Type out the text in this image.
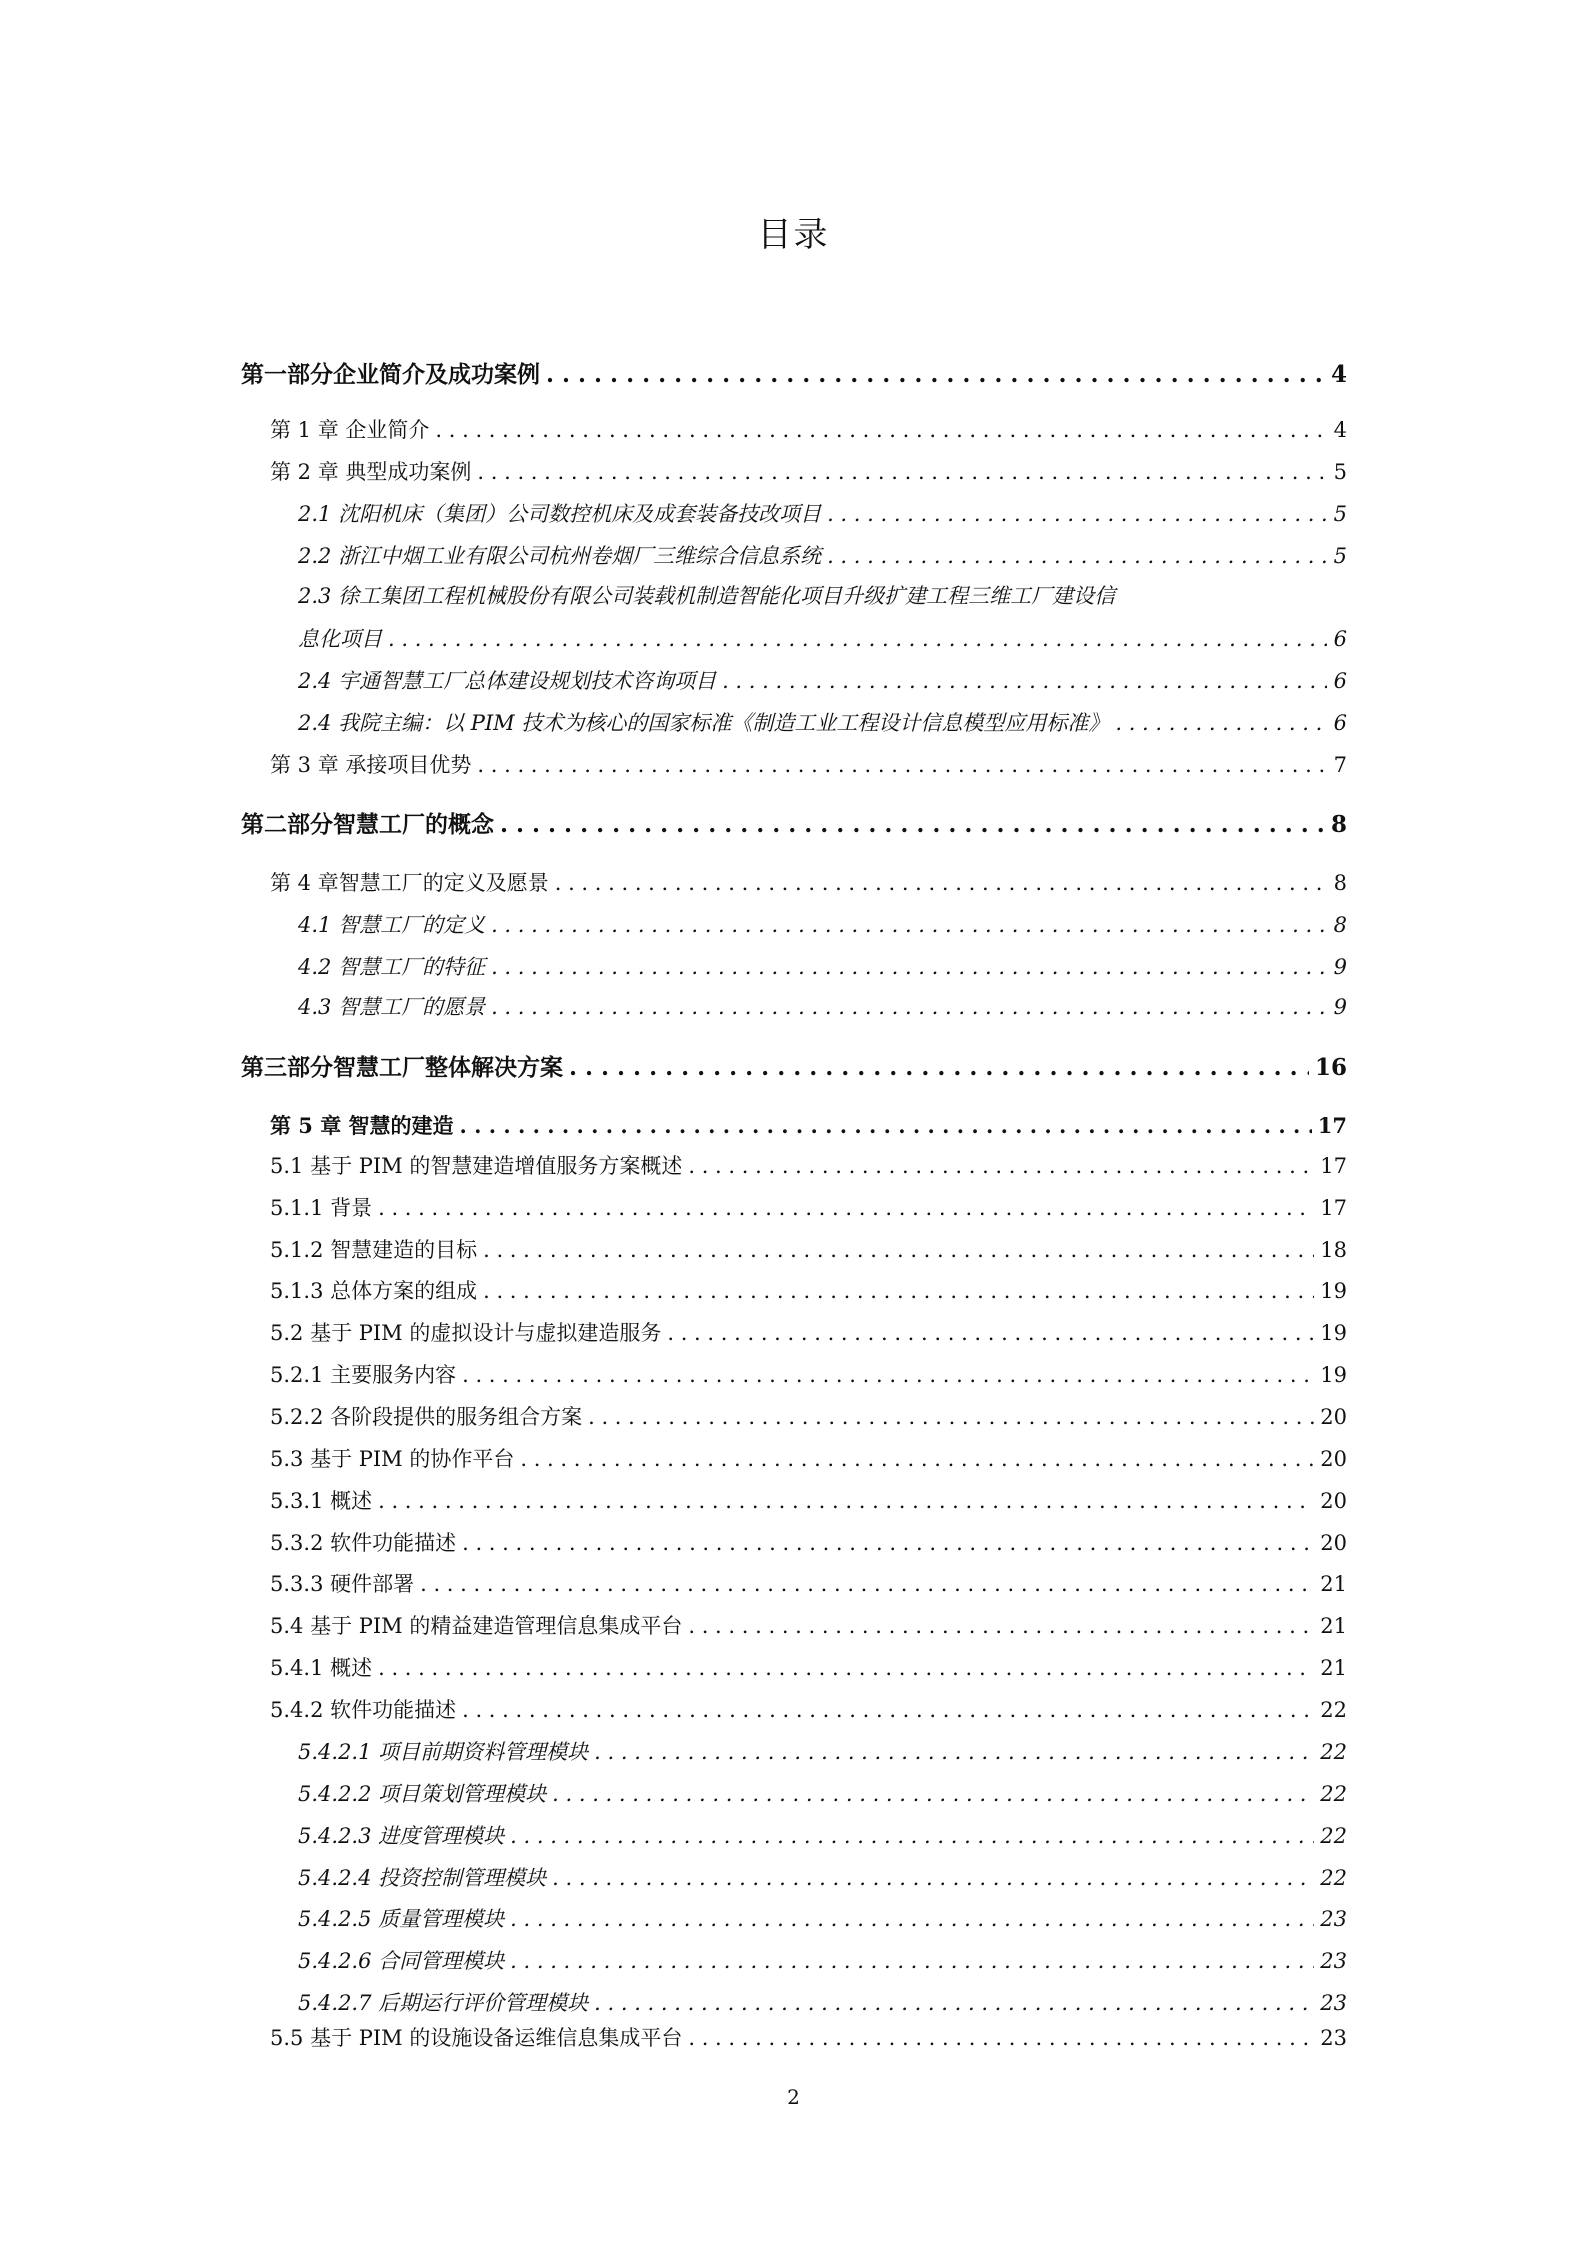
目录
第一部分企业简介及成功案例 . . .	4
第 1 章 企业简介 . . .	4
第 2 章 典型成功案例 . . .	5
2.1 沈阳机床（集团）公司数控机床及成套装备技改项目 . . .	5
2.2 浙江中烟工业有限公司杭州卷烟厂三维综合信息系统 . . .	5
2.3 徐工集团工程机械股份有限公司装载机制造智能化项目升级扩建工程三维工厂建设信
息化项目 . . .	6
2.4 宇通智慧工厂总体建设规划技术咨询项目 . . .	6
2.4 我院主编：以 PIM 技术为核心的国家标准《制造工业工程设计信息模型应用标准》 . . .	6
第 3 章 承接项目优势 . . .	7
第二部分智慧工厂的概念 . . .	8
第 4 章智慧工厂的定义及愿景 . . .	8
4.1 智慧工厂的定义 . . .	8
4.2 智慧工厂的特征 . . .	9
4.3 智慧工厂的愿景 . . .	9
第三部分智慧工厂整体解决方案 . . .	16
第 5 章 智慧的建造 . . .	17
5.1 基于 PIM 的智慧建造增值服务方案概述 . . .	17
5.1.1 背景 . . .	17
5.1.2 智慧建造的目标 . . .	18
5.1.3 总体方案的组成 . . .	19
5.2 基于 PIM 的虚拟设计与虚拟建造服务 . . .	19
5.2.1 主要服务内容 . . .	19
5.2.2 各阶段提供的服务组合方案 . . .	20
5.3 基于 PIM 的协作平台 . . .	20
5.3.1 概述 . . .	20
5.3.2 软件功能描述 . . .	20
5.3.3 硬件部署 . . .	21
5.4 基于 PIM 的精益建造管理信息集成平台 . . .	21
5.4.1 概述 . . .	21
5.4.2 软件功能描述 . . .	22
5.4.2.1 项目前期资料管理模块 . . .	22
5.4.2.2 项目策划管理模块 . . .	22
5.4.2.3 进度管理模块 . . .	22
5.4.2.4 投资控制管理模块 . . .	22
5.4.2.5 质量管理模块 . . .	23
5.4.2.6 合同管理模块 . . .	23
5.4.2.7 后期运行评价管理模块 . . .	23
5.5 基于 PIM 的设施设备运维信息集成平台 . . .	23
2
